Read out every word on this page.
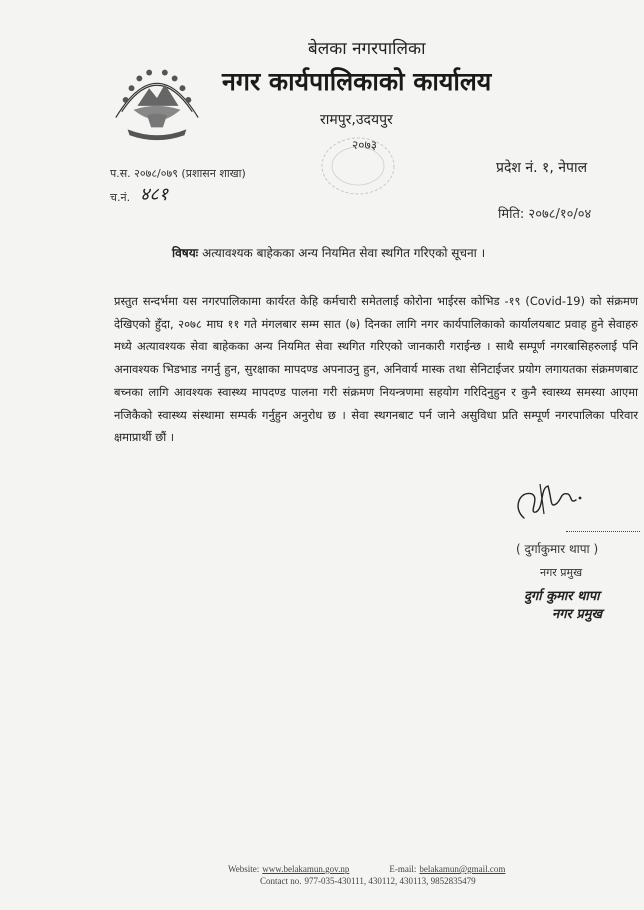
बेलका नगरपालिका
नगर कार्यपालिकाको कार्यालय
रामपुर,उदयपुर
२०७३
प.स. २०७८/०७९ (प्रशासन शाखा)
च.नं. ४८१
प्रदेश नं. १, नेपाल
मिति: २०७८/१०/०४
विषयः अत्यावश्यक बाहेकका अन्य नियमित सेवा स्थगित गरिएको सूचना ।
प्रस्तुत सन्दर्भमा यस नगरपालिकामा कार्यरत केहि कर्मचारी समेतलाई कोरोना भाईरस कोभिड -१९ (Covid-19) को संक्रमण देखिएको हुँदा, २०७८ माघ ११ गते मंगलबार सम्म सात (७) दिनका लागि नगर कार्यपालिकाको कार्यालयबाट प्रवाह हुने सेवाहरु मध्ये अत्यावश्यक सेवा बाहेकका अन्य नियमित सेवा स्थगित गरिएको जानकारी गराईन्छ । साथै सम्पूर्ण नगरबासिहरुलाई पनि अनावश्यक भिडभाड नगर्नु हुन, सुरक्षाका मापदण्ड अपनाउनु हुन, अनिवार्य मास्क तथा सेनिटाईजर प्रयोग लगायतका संक्रमणबाट बच्नका लागि आवश्यक स्वास्थ्य मापदण्ड पालना गरी संक्रमण नियन्त्रणमा सहयोग गरिदिनुहुन र कुनै स्वास्थ्य समस्या आएमा नजिकैको स्वास्थ्य संस्थामा सम्पर्क गर्नुहुन अनुरोध छ । सेवा स्थगनबाट पर्न जाने असुविधा प्रति सम्पूर्ण नगरपालिका परिवार क्षमाप्रार्थी छौं ।
( दुर्गाकुमार थापा )
नगर प्रमुख
दुर्गा कुमार थापा
नगर प्रमुख
Website: www.belakamun.gov.np	E-mail: belakamun@gmail.com
Contact no. 977-035-430111, 430112, 430113, 9852835479
